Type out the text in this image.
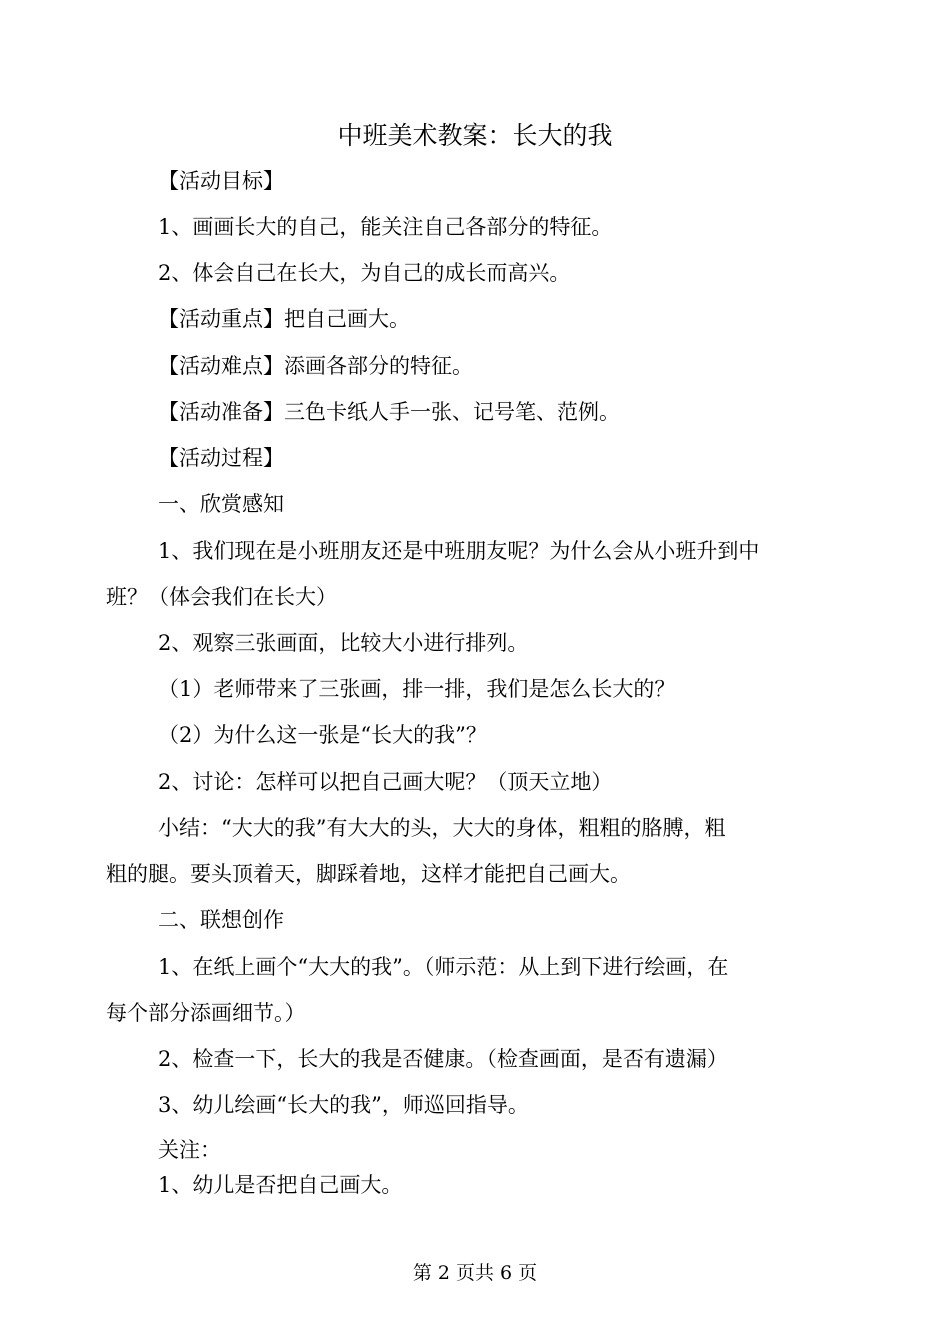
中班美术教案：长大的我
【活动目标】
1、画画长大的自己，能关注自己各部分的特征。
2、体会自己在长大，为自己的成长而高兴。
【活动重点】把自己画大。
【活动难点】添画各部分的特征。
【活动准备】三色卡纸人手一张、记号笔、范例。
【活动过程】
一、欣赏感知
1、我们现在是小班朋友还是中班朋友呢？为什么会从小班升到中
班？（体会我们在长大）
2、观察三张画面，比较大小进行排列。
（1）老师带来了三张画，排一排，我们是怎么长大的？
（2）为什么这一张是“长大的我”？
2、讨论：怎样可以把自己画大呢？（顶天立地）
小结：“大大的我”有大大的头，大大的身体，粗粗的胳膊，粗
粗的腿。要头顶着天，脚踩着地，这样才能把自己画大。
二、联想创作
1、在纸上画个“大大的我”。（师示范：从上到下进行绘画，在
每个部分添画细节。）
2、检查一下，长大的我是否健康。（检查画面，是否有遗漏）
3、幼儿绘画“长大的我”，师巡回指导。
关注：
1、幼儿是否把自己画大。
第 2 页共 6 页
